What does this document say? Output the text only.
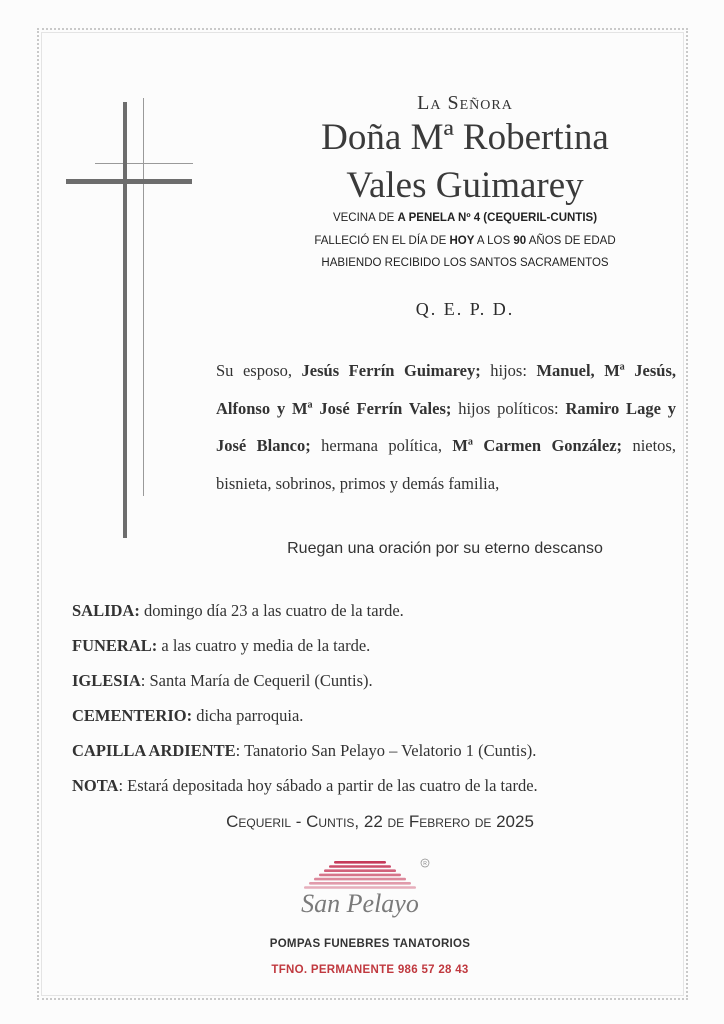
La Señora
Doña Mª Robertina
Vales Guimarey
VECINA DE A PENELA Nº 4 (CEQUERIL-CUNTIS)
FALLECIÓ EN EL DÍA DE HOY A LOS 90 AÑOS DE EDAD
HABIENDO RECIBIDO LOS SANTOS SACRAMENTOS
Q. E. P. D.
Su esposo, Jesús Ferrín Guimarey; hijos: Manuel, Mª Jesús, Alfonso y Mª José Ferrín Vales; hijos políticos: Ramiro Lage y José Blanco; hermana política, Mª Carmen González; nietos, bisnieta, sobrinos, primos y demás familia,
Ruegan una oración por su eterno descanso
SALIDA: domingo día 23 a las cuatro de la tarde.
FUNERAL: a las cuatro y media de la tarde.
IGLESIA: Santa María de Cequeril (Cuntis).
CEMENTERIO: dicha parroquia.
CAPILLA ARDIENTE: Tanatorio San Pelayo – Velatorio 1 (Cuntis).
NOTA: Estará depositada hoy sábado a partir de las cuatro de la tarde.
Cequeril - Cuntis, 22 de Febrero de 2025
R
San Pelayo
POMPAS FUNEBRES TANATORIOS
TFNO. PERMANENTE 986 57 28 43
